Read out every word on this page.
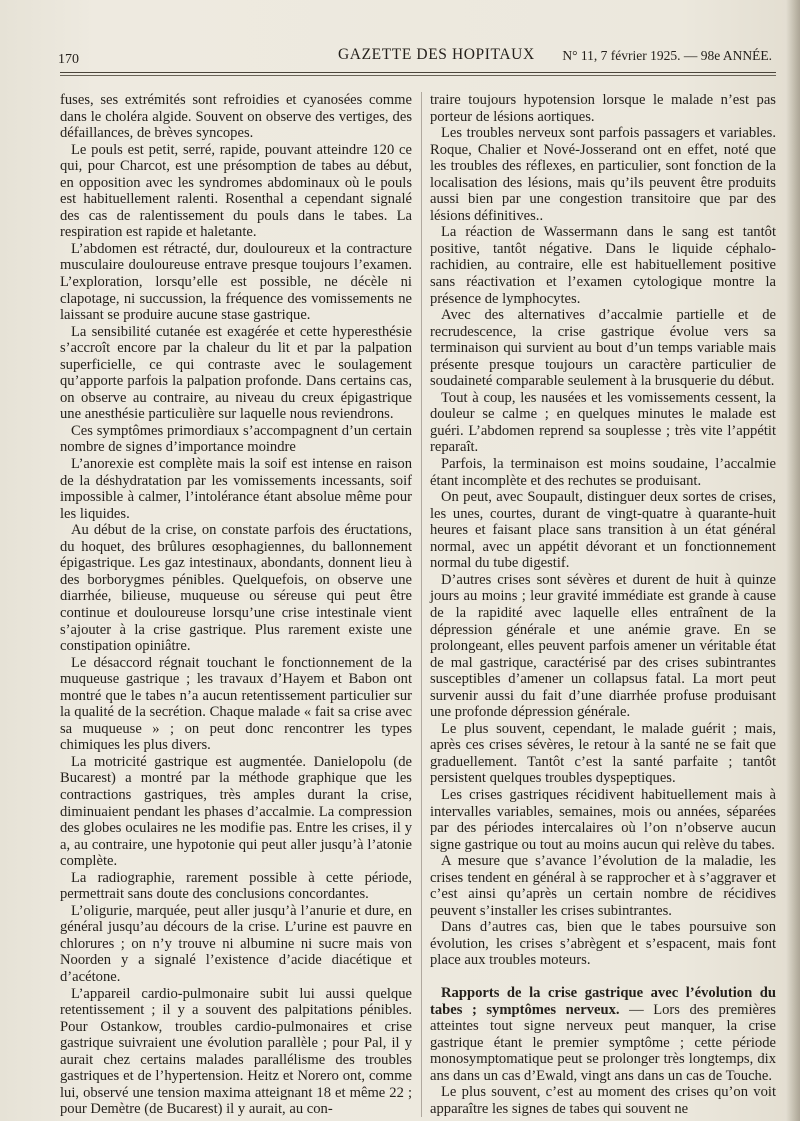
170	GAZETTE DES HOPITAUX N° 11, 7 février 1925. — 98e ANNÉE.

fuses, ses extrémités sont refroidies et cyanosées comme dans le choléra algide. Souvent on observe des vertiges, des défaillances, de brèves syncopes.

Le pouls est petit, serré, rapide, pouvant atteindre 120 ce qui, pour Charcot, est une présomption de tabes au début, en opposition avec les syndromes abdominaux où le pouls est habituellement ralenti. Rosenthal a cependant signalé des cas de ralentissement du pouls dans le tabes. La respiration est rapide et haletante.

L’abdomen est rétracté, dur, douloureux et la contracture musculaire douloureuse entrave presque toujours l’examen. L’exploration, lorsqu’elle est possible, ne décèle ni clapotage, ni succussion, la fréquence des vomissements ne laissant se produire aucune stase gastrique.

La sensibilité cutanée est exagérée et cette hyperesthésie s’accroît encore par la chaleur du lit et par la palpation superficielle, ce qui contraste avec le soulagement qu’apporte parfois la palpation profonde. Dans certains cas, on observe au contraire, au niveau du creux épigastrique une anesthésie particulière sur laquelle nous reviendrons.

Ces symptômes primordiaux s’accompagnent d’un certain nombre de signes d’importance moindre

L’anorexie est complète mais la soif est intense en raison de la déshydratation par les vomissements incessants, soif impossible à calmer, l’intolérance étant absolue même pour les liquides.

Au début de la crise, on constate parfois des éructations, du hoquet, des brûlures œsophagiennes, du ballonnement épigastrique. Les gaz intestinaux, abondants, donnent lieu à des borborygmes pénibles. Quelquefois, on observe une diarrhée, bilieuse, muqueuse ou séreuse qui peut être continue et douloureuse lorsqu’une crise intestinale vient s’ajouter à la crise gastrique. Plus rarement existe une constipation opiniâtre.

Le désaccord régnait touchant le fonctionnement de la muqueuse gastrique ; les travaux d’Hayem et Babon ont montré que le tabes n’a aucun retentissement particulier sur la qualité de la secrétion. Chaque malade « fait sa crise avec sa muqueuse » ; on peut donc rencontrer les types chimiques les plus divers.

La motricité gastrique est augmentée. Danielopolu (de Bucarest) a montré par la méthode graphique que les contractions gastriques, très amples durant la crise, diminuaient pendant les phases d’accalmie. La compression des globes oculaires ne les modifie pas. Entre les crises, il y a, au contraire, une hypotonie qui peut aller jusqu’à l’atonie complète.

La radiographie, rarement possible à cette période, permettrait sans doute des conclusions concordantes.

L’oligurie, marquée, peut aller jusqu’à l’anurie et dure, en général jusqu’au décours de la crise. L’urine est pauvre en chlorures ; on n’y trouve ni albumine ni sucre mais von Noorden y a signalé l’existence d’acide diacétique et d’acétone.

L’appareil cardio-pulmonaire subit lui aussi quelque retentissement ; il y a souvent des palpitations pénibles. Pour Ostankow, troubles cardio-pulmonaires et crise gastrique suivraient une évolution parallèle ; pour Pal, il y aurait chez certains malades parallélisme des troubles gastriques et de l’hypertension. Heitz et Norero ont, comme lui, observé une tension maxima atteignant 18 et même 22 ; pour Demètre (de Bucarest) il y aurait, au con-

traire toujours hypotension lorsque le malade n’est pas porteur de lésions aortiques.

Les troubles nerveux sont parfois passagers et variables. Roque, Chalier et Nové-Josserand ont en effet, noté que les troubles des réflexes, en particulier, sont fonction de la localisation des lésions, mais qu’ils peuvent être produits aussi bien par une congestion transitoire que par des lésions définitives..

La réaction de Wassermann dans le sang est tantôt positive, tantôt négative. Dans le liquide céphalo-rachidien, au contraire, elle est habituellement positive sans réactivation et l’examen cytologique montre la présence de lymphocytes.

Avec des alternatives d’accalmie partielle et de recrudescence, la crise gastrique évolue vers sa terminaison qui survient au bout d’un temps variable mais présente presque toujours un caractère particulier de soudaineté comparable seulement à la brusquerie du début.

Tout à coup, les nausées et les vomissements cessent, la douleur se calme ; en quelques minutes le malade est guéri. L’abdomen reprend sa souplesse ; très vite l’appétit reparaît.

Parfois, la terminaison est moins soudaine, l’accalmie étant incomplète et des rechutes se produisant.

On peut, avec Soupault, distinguer deux sortes de crises, les unes, courtes, durant de vingt-quatre à quarante-huit heures et faisant place sans transition à un état général normal, avec un appétit dévorant et un fonctionnement normal du tube digestif.

D’autres crises sont sévères et durent de huit à quinze jours au moins ; leur gravité immédiate est grande à cause de la rapidité avec laquelle elles entraînent de la dépression générale et une anémie grave. En se prolongeant, elles peuvent parfois amener un véritable état de mal gastrique, caractérisé par des crises subintrantes susceptibles d’amener un collapsus fatal. La mort peut survenir aussi du fait d’une diarrhée profuse produisant une profonde dépression générale.

Le plus souvent, cependant, le malade guérit ; mais, après ces crises sévères, le retour à la santé ne se fait que graduellement. Tantôt c’est la santé parfaite ; tantôt persistent quelques troubles dyspeptiques.

Les crises gastriques récidivent habituellement mais à intervalles variables, semaines, mois ou années, séparées par des périodes intercalaires où l’on n’observe aucun signe gastrique ou tout au moins aucun qui relève du tabes.

A mesure que s’avance l’évolution de la maladie, les crises tendent en général à se rapprocher et à s’aggraver et c’est ainsi qu’après un certain nombre de récidives peuvent s’installer les crises subintrantes.

Dans d’autres cas, bien que le tabes poursuive son évolution, les crises s’abrègent et s’espacent, mais font place aux troubles moteurs.

Rapports de la crise gastrique avec l’évolution du tabes ; symptômes nerveux. — Lors des premières atteintes tout signe nerveux peut manquer, la crise gastrique étant le premier symptôme ; cette période monosymptomatique peut se prolonger très longtemps, dix ans dans un cas d’Ewald, vingt ans dans un cas de Touche.

Le plus souvent, c’est au moment des crises qu’on voit apparaître les signes de tabes qui souvent ne
